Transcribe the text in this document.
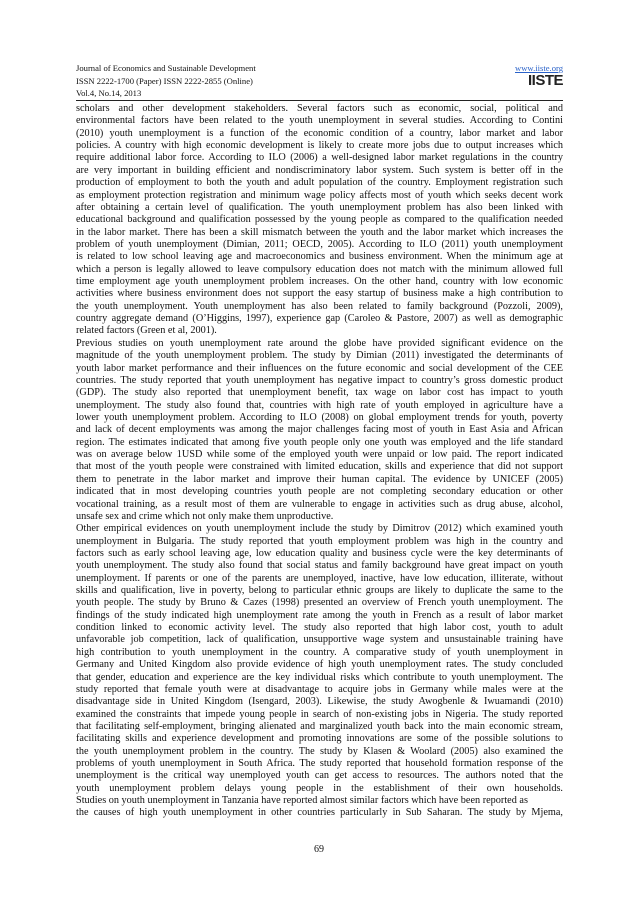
Journal of Economics and Sustainable Development
ISSN 2222-1700 (Paper) ISSN 2222-2855 (Online)
Vol.4, No.14, 2013
www.iiste.org
IISTE
scholars and other development stakeholders. Several factors such as economic, social, political and
environmental factors have been related to the youth unemployment in several studies. According to Contini
(2010) youth unemployment is a function of the economic condition of a country, labor market and labor
policies. A country with high economic development is likely to create more jobs due to output increases which
require additional labor force. According to ILO (2006) a well-designed labor market regulations in the country
are very important in building efficient and nondiscriminatory labor system. Such system is better off in the
production of employment to both the youth and adult population of the country. Employment registration such
as employment protection registration and minimum wage policy affects most of youth which seeks decent work
after obtaining a certain level of qualification. The youth unemployment problem has also been linked with
educational background and qualification possessed by the young people as compared to the qualification needed
in the labor market. There has been a skill mismatch between the youth and the labor market which increases the
problem of youth unemployment (Dimian, 2011; OECD, 2005). According to ILO (2011) youth unemployment
is related to low school leaving age and macroeconomics and business environment. When the minimum age at
which a person is legally allowed to leave compulsory education does not match with the minimum allowed full
time employment age youth unemployment problem increases. On the other hand, country with low economic
activities where business environment does not support the easy startup of business make a high contribution to
the youth unemployment. Youth unemployment has also been related to family background (Pozzoli, 2009),
country aggregate demand (O’Higgins, 1997), experience gap (Caroleo & Pastore, 2007) as well as demographic
related factors (Green et al, 2001).
Previous studies on youth unemployment rate around the globe have provided significant evidence on the
magnitude of the youth unemployment problem. The study by Dimian (2011) investigated the determinants of
youth labor market performance and their influences on the future economic and social development of the CEE
countries. The study reported that youth unemployment has negative impact to country’s gross domestic product
(GDP). The study also reported that unemployment benefit, tax wage on labor cost has impact to youth
unemployment. The study also found that, countries with high rate of youth employed in agriculture have a
lower youth unemployment problem. According to ILO (2008) on global employment trends for youth, poverty
and lack of decent employments was among the major challenges facing most of youth in East Asia and African
region. The estimates indicated that among five youth people only one youth was employed and the life standard
was on average below 1USD while some of the employed youth were unpaid or low paid. The report indicated
that most of the youth people were constrained with limited education, skills and experience that did not support
them to penetrate in the labor market and improve their human capital. The evidence by UNICEF (2005)
indicated that in most developing countries youth people are not completing secondary education or other
vocational training, as a result most of them are vulnerable to engage in activities such as drug abuse, alcohol,
unsafe sex and crime which not only make them unproductive.
Other empirical evidences on youth unemployment include the study by Dimitrov (2012) which examined youth
unemployment in Bulgaria. The study reported that youth employment problem was high in the country and
factors such as early school leaving age, low education quality and business cycle were the key determinants of
youth unemployment. The study also found that social status and family background have great impact on youth
unemployment. If parents or one of the parents are unemployed, inactive, have low education, illiterate, without
skills and qualification, live in poverty, belong to particular ethnic groups are likely to duplicate the same to the
youth people. The study by Bruno & Cazes (1998) presented an overview of French youth unemployment. The
findings of the study indicated high unemployment rate among the youth in French as a result of labor market
condition linked to economic activity level. The study also reported that high labor cost, youth to adult
unfavorable job competition, lack of qualification, unsupportive wage system and unsustainable training have
high contribution to youth unemployment in the country. A comparative study of youth unemployment in
Germany and United Kingdom also provide evidence of high youth unemployment rates. The study concluded
that gender, education and experience are the key individual risks which contribute to youth unemployment. The
study reported that female youth were at disadvantage to acquire jobs in Germany while males were at the
disadvantage side in United Kingdom (Isengard, 2003). Likewise, the study Awogbenle & Iwuamandi (2010)
examined the constraints that impede young people in search of non-existing jobs in Nigeria. The study reported
that facilitating self-employment, bringing alienated and marginalized youth back into the main economic stream,
facilitating skills and experience development and promoting innovations are some of the possible solutions to
the youth unemployment problem in the country. The study by Klasen & Woolard (2005) also examined the
problems of youth unemployment in South Africa. The study reported that household formation response of the
unemployment is the critical way unemployed youth can get access to resources. The authors noted that the
youth unemployment problem delays young people in the establishment of their own households.
Studies on youth unemployment in Tanzania have reported almost similar factors which have been reported as
the causes of high youth unemployment in other countries particularly in Sub Saharan. The study by Mjema,
69
